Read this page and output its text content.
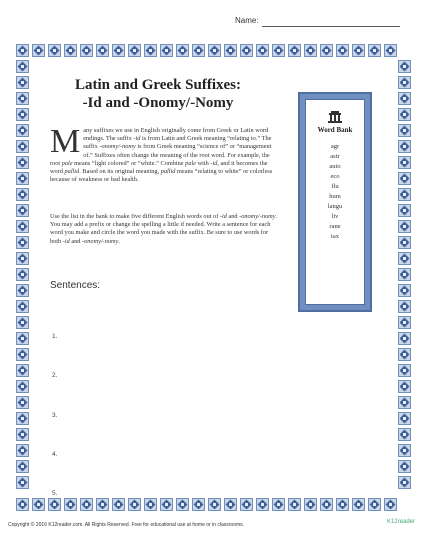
Name:
Latin and Greek Suffixes:
-Id and -Onomy/-Nomy
M any suffixes we use in English originally come from Greek or Latin word endings. The suffix -id is from Latin and Greek meaning “relating to.” The suffix -onomy/-nomy is from Greek meaning “science of” or “management of.” Suffixes often change the meaning of the root word. For example, the root pale means “light colored” or “white.” Combine pale with -id, and it becomes the word pallid. Based on its original meaning, pallid means “relating to white” or colorless because of weakness or bad health.
Use the list in the bank to make five different English words out of -id and -onomy/-nomy. You may add a prefix or change the spelling a little if needed. Write a sentence for each word you make and circle the word you made with the suffix. Be sure to use words for both -id and -onomy/-nomy.
Word Bank
agr
astr
auto
eco
flu
hum
langu
liv
rane
tax
Sentences:
1.
2.
3.
4.
5.
Copyright © 2016 K12reader.com. All Rights Reserved. Free for educational use at home or in classrooms.	K12reader
